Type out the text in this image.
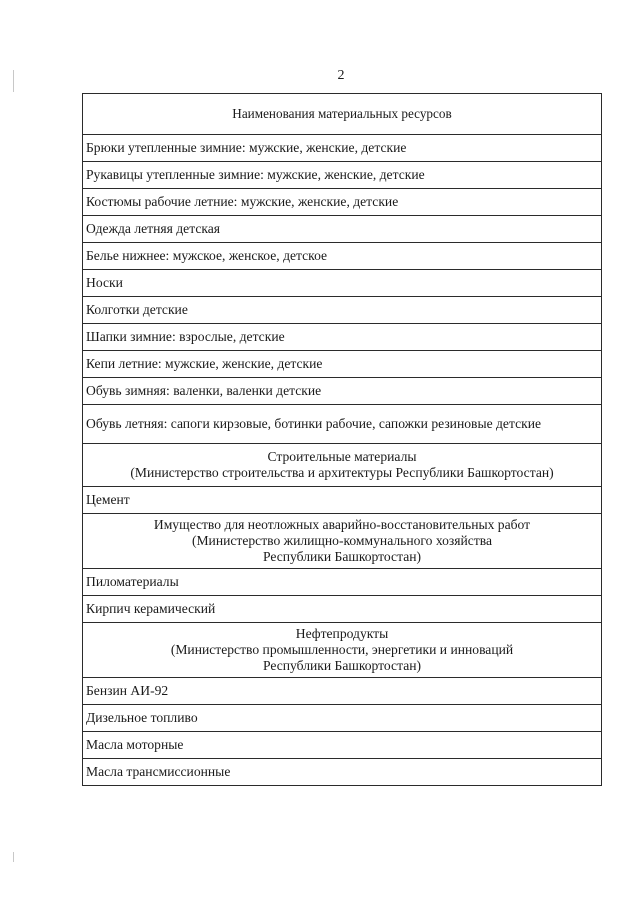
2
Наименования материальных ресурсов
Брюки утепленные зимние: мужские, женские, детские
Рукавицы утепленные зимние: мужские, женские, детские
Костюмы рабочие летние: мужские, женские, детские
Одежда летняя детская
Белье нижнее: мужское, женское, детское
Носки
Колготки детские
Шапки зимние: взрослые, детские
Кепи летние: мужские, женские, детские
Обувь зимняя: валенки, валенки детские
Обувь летняя: сапоги кирзовые, ботинки рабочие, сапожки резиновые детские

Строительные материалы
(Министерство строительства и архитектуры Республики Башкортостан)

Цемент

Имущество для неотложных аварийно-восстановительных работ
(Министерство жилищно-коммунального хозяйства
Республики Башкортостан)

Пиломатериалы
Кирпич керамический

Нефтепродукты
(Министерство промышленности, энергетики и инноваций
Республики Башкортостан)

Бензин АИ-92
Дизельное топливо
Масла моторные
Масла трансмиссионные
